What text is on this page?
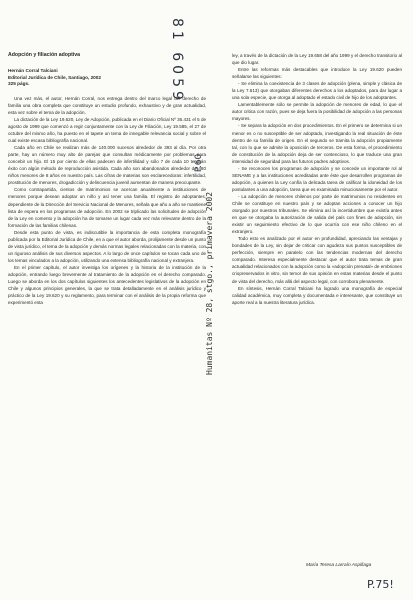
81 6059
P.60
Humanitas Nº 28, stgo., primavera 2002

Adopción y filiación adoptiva

Hernán Corral Talciani

Editorial Jurídica de Chile, Santiago, 2002

325 págs.

Una vez más, el autor, Hernán Corral, nos entrega dentro del marco legal del derecho de familia una obra completa que constituye un estudio profundo, exhaustivo y de gran actualidad, esta vez sobre el tema de la adopción.

La dictación de la Ley 19.620, Ley de Adopción, publicada en el Diario Oficial Nº 36.431 el 5 de agosto de 1999 que comenzó a regir conjuntamente con la Ley de Filiación, Ley 19.585, el 27 de octubre del mismo año, ha puesto en el tapete un tema de innegable relevancia social y sobre el cual existe escasa bibliografía nacional.

Cada año en Chile se realizan más de 140.000 sucesos alrededor de 393 al día. Por otra parte, hay un número muy alto de parejas que consultan médicamente por problemas para concebir un hijo. El 15 por ciento de ellas padecen de infertilidad y sólo 7 de cada 10 tendrán éxito con algún método de reproducción asistida. Cada año son abandonados alrededor de 480 niños menores de 8 años en nuestro país. Las cifras de materias son esclarecedoras: infertilidad, prostitución de menores, drogadicción y delincuencia juvenil aumentan de manera preocupante.

Como contrapartida, cientos de matrimonios se acercan anualmente a instituciones de menores porque desean adoptar un niño y así tener una familia. El registro de adoptantes, dependiente de la Dirección del Servicio Nacional de Menores, señala que año a año se mantiene lista de espera en los programas de adopción. En 2002 se triplicado las solicitudes de adopción de la Ley en comento y la adopción ha de tomarse un lugar cada vez más relevante dentro de la formación de las familias chilenas.

Desde esta punto de vista, es indiscutible la importancia de esta completa monografía publicada por la Editorial Jurídica de Chile, en a que el autor aborda, prolijamente desde un punto de vista jurídico, el tema de la adopción y demás normas legales relacionadas con la materia, con un riguroso análisis de sus diversos aspectos. A lo largo de once capítulos se tocan cada uno de los temas vinculados a la adopción, utilizando una extensa bibliografía nacional y extranjera.

En el primer capítulo, el autor investiga los orígenes y la historia de la institución de la adopción, entrando luego brevemente al tratamiento de la adopción en el derecho comparado. Luego se aborda en los dos capítulos siguientes los antecedentes legislativos de la adopción en Chile y algunos principios generales, la que se trata detalladamente en el análisis jurídico y práctico de la Ley 19.620 y su reglamento, para terminar con el análisis de la propia reforma que experimentó esta

ley, a través de la dictación de la Ley 19.658 del año 1999 y el derecho transitorio al que dio lugar.

Entre las reformas más destacables que introduce la Ley 19.620 pueden señalarse las siguientes:

- Se elimina la coexistencia de 3 clases de adopción (plena, simple y clásica de la Ley 7.613) que otorgaban diferentes derechos a los adoptados, para dar lugar a una sola especie, que otorga al adoptado el estado civil de hijo de los adoptantes.

Lamentablemente sólo se permite la adopción de menores de edad, lo que el autor critica con razón, pues se deja fuera la posibilidad de adopción a las personas mayores.

- Se separa la adopción en dos procedimientos. En el primero se determina si un menor es o no susceptible de ser adoptado, investigando la real situación de éste dentro de su familia de origen. En el segundo se tramita la adopción propiamente tal, con lo que se admite la oposición de terceros. De esta forma, el procedimiento de constitución de la adopción deja de ser contencioso, lo que traduce una gran intensidad de seguridad para las futuros padres adoptivos.

- Se reconocen los programas de adopción y se concede un importante rol al SENAME y a las instituciones acreditadas ante éste que desarrollen programas de adopción, a quienes la Ley confía la delicada tarea de calificar la idoneidad de los postulantes a una adopción, tarea que es examinada minuciosamente por el autor.

- La adopción de menores chilenos por parte de matrimonios no residentes en Chile se constituye en nuestro país y se adoptan acciones a conocer un hijo otorgado por nuestros tribunales. Se elimina así la incertidumbre que existía antes en que se otorgaba la autorización de salida del país con fines de adopción, sin existir un seguimiento efectivo de lo que ocurría con ese niño chileno en el extranjero.

Todo esto es analizado por el autor en profundidad, apreciando las ventajas y bondades de la Ley, sin dejar de criticar con agudeza sus puntos susceptibles de perfección, siempre en paralelo con las tendencias modernas del derecho comparado. Interesa especialmente destacar que el autor trata temas de gran actualidad relacionados con la adopción como la «adopción prenatal» de embriones criopreservados in vitro, sin temor de sus opinión en estas materias desde el punto de vista del derecho, más allá del aspecto legal, con corrobora plenamente.

En síntesis, Hernán Corral Talciani ha logrado una monografía de especial calidad académica, muy completa y documentada e interesante, que constituye un aporte real a la nuestra literatura jurídica.

María Teresa Larraín Aspillaga
P.75!
